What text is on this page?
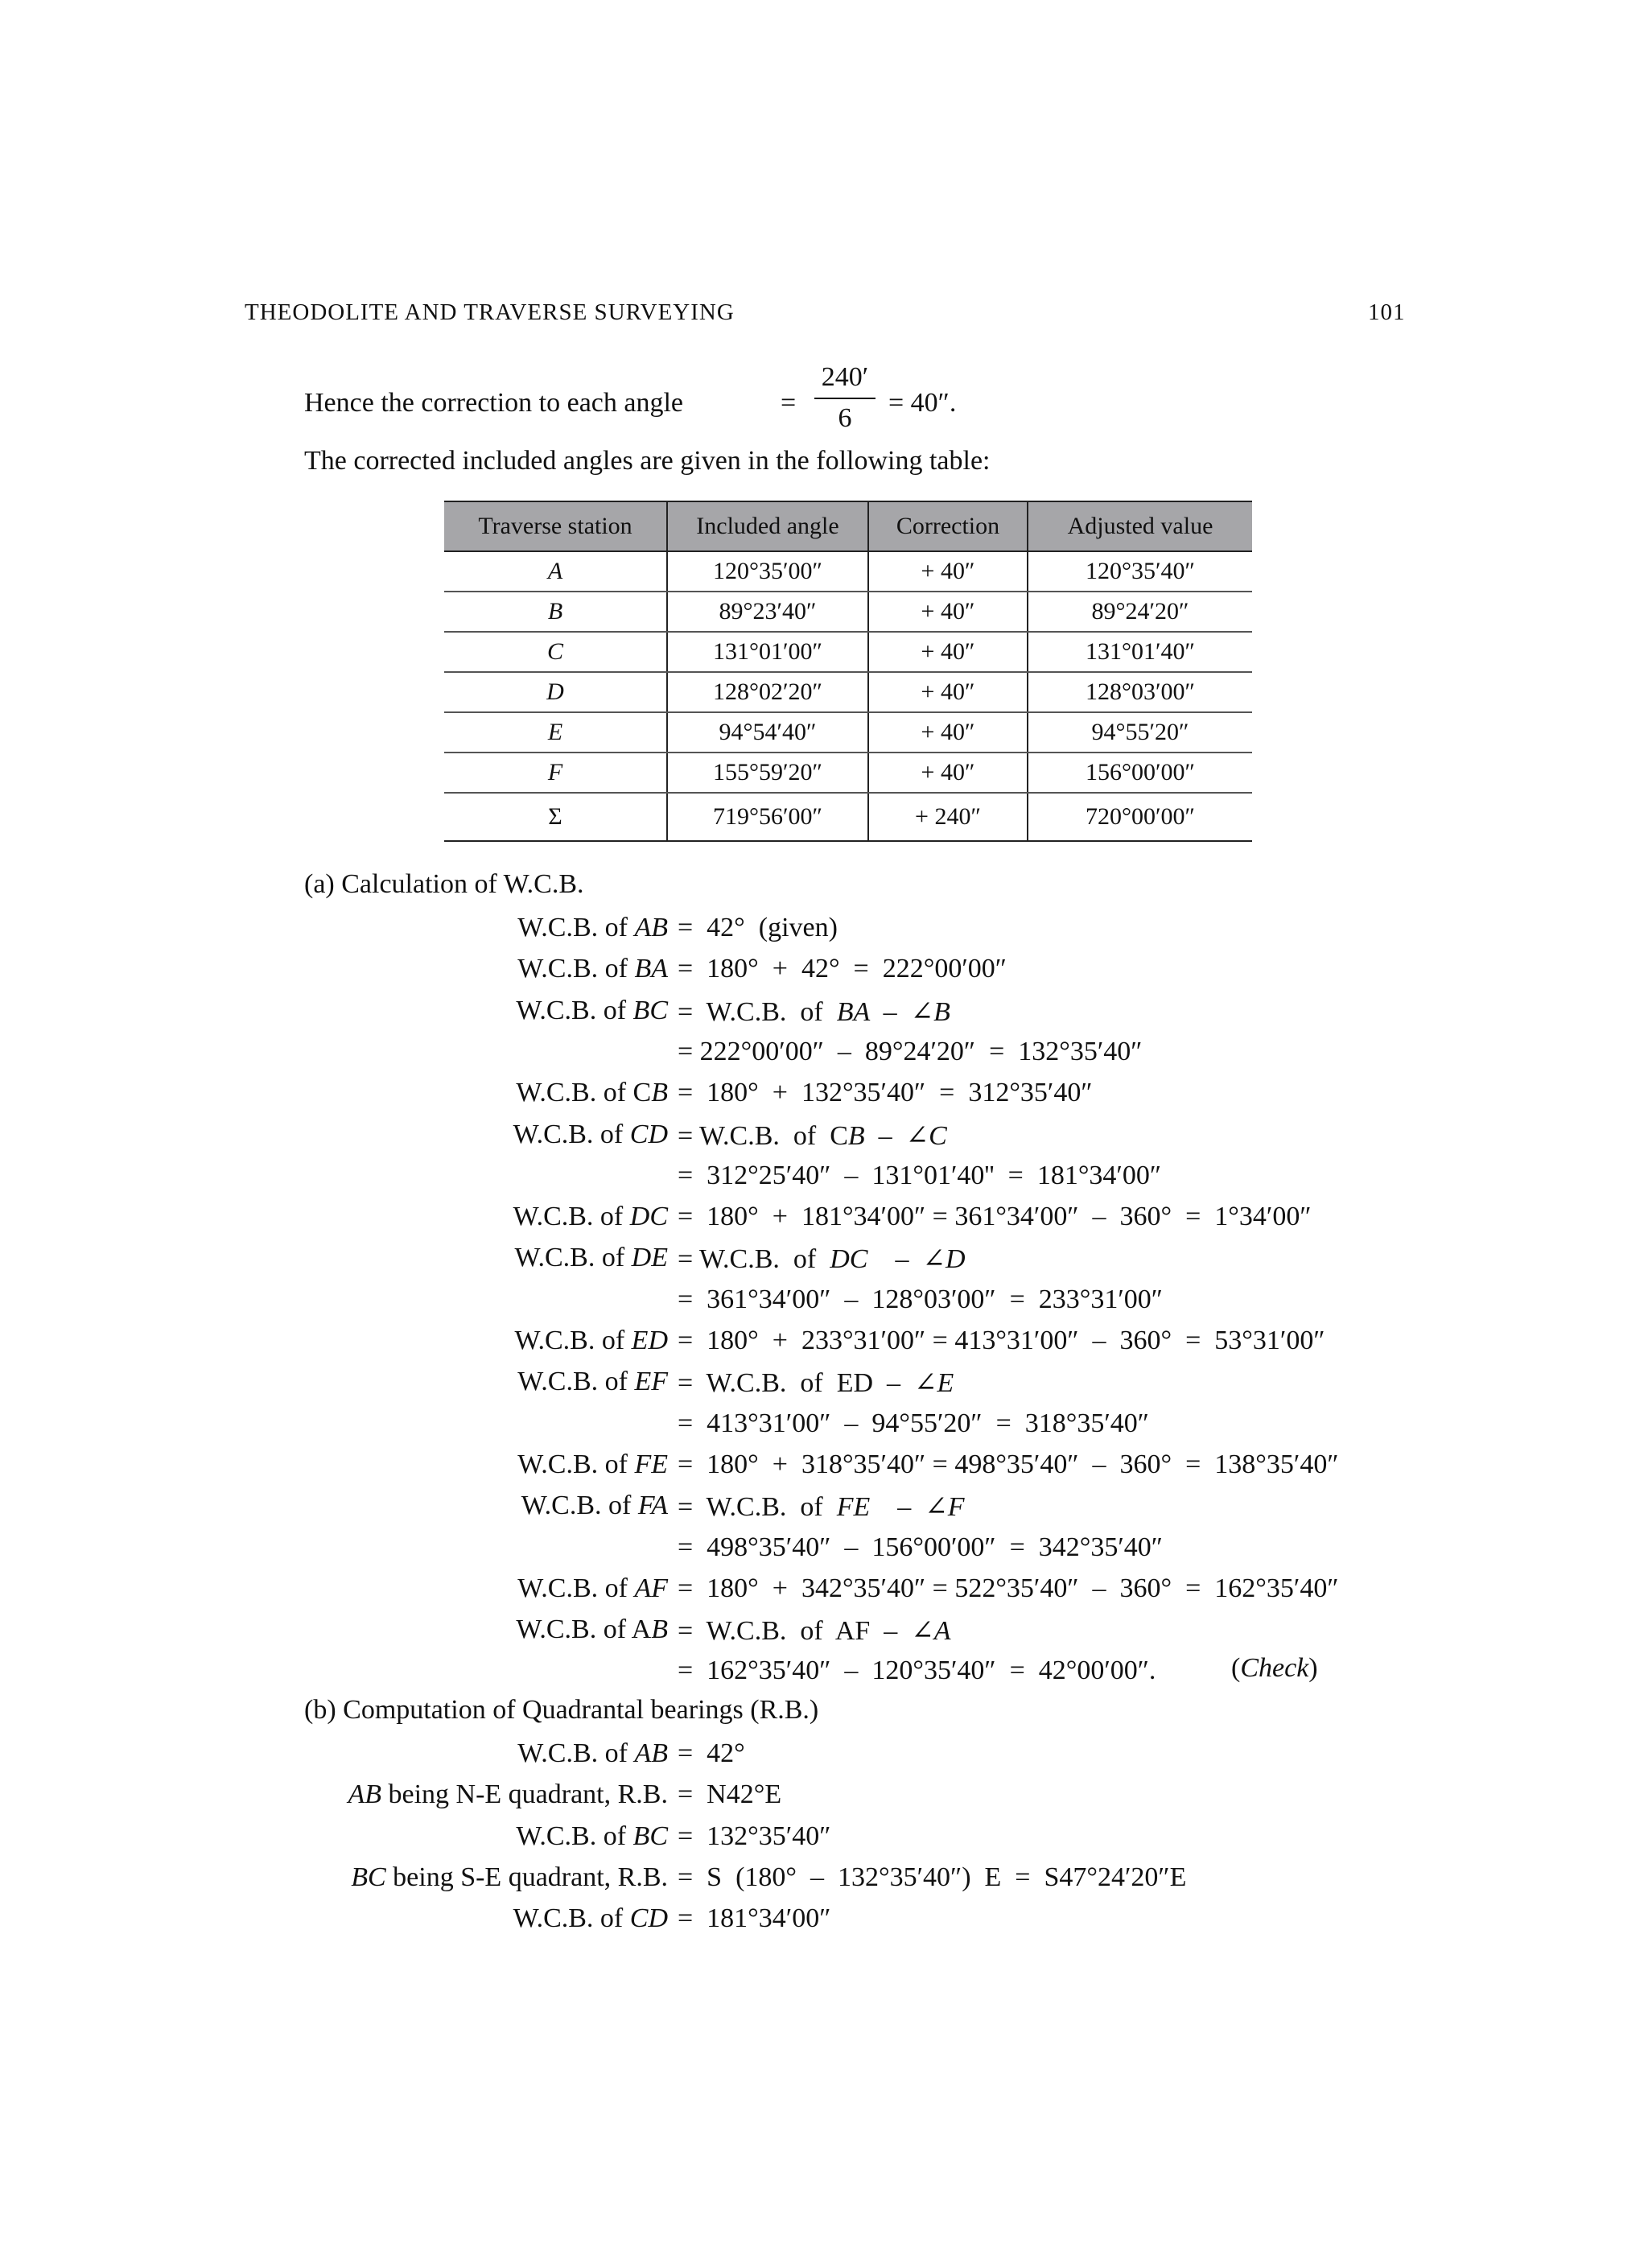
THEODOLITE AND TRAVERSE SURVEYING	101
Hence the correction to each angle	=
240′
6
= 40″.
The corrected included angles are given in the following table:
Traverse station	Included angle	Correction	Adjusted value
A	120°35′00″	+ 40″	120°35′40″
B	89°23′40″	+ 40″	89°24′20″
C	131°01′00″	+ 40″	131°01′40″
D	128°02′20″	+ 40″	128°03′00″
E	94°54′40″	+ 40″	94°55′20″
F	155°59′20″	+ 40″	156°00′00″
Σ	719°56′00″	+ 240″	720°00′00″
(a) Calculation of W.C.B.
W.C.B. of AB =  42°  (given)
W.C.B. of BA =  180°  +  42°  =  222°00′00″
W.C.B. of BC =  W.C.B.  of  BA  –  ∠B
= 222°00′00″  –  89°24′20″  =  132°35′40″
W.C.B. of CB =  180°  +  132°35′40″  =  312°35′40″
W.C.B. of CD = W.C.B.  of  CB  –  ∠C
=  312°25′40″  –  131°01′40''  =  181°34′00″
W.C.B. of DC =  180°  +  181°34′00″ = 361°34′00″  –  360°  =  1°34′00″
W.C.B. of DE = W.C.B.  of  DC    –  ∠D
=  361°34′00″  –  128°03′00″  =  233°31′00″
W.C.B. of ED =  180°  +  233°31′00″ = 413°31′00″  –  360°  =  53°31′00″
W.C.B. of EF =  W.C.B.  of  ED  –  ∠E
=  413°31′00″  –  94°55′20″  =  318°35′40″
W.C.B. of FE =  180°  +  318°35′40″ = 498°35′40″  –  360°  =  138°35′40″
W.C.B. of FA =  W.C.B.  of  FE    –  ∠F
=  498°35′40″  –  156°00′00″  =  342°35′40″
W.C.B. of AF =  180°  +  342°35′40″ = 522°35′40″  –  360°  =  162°35′40″
W.C.B. of AB =  W.C.B.  of  AF  –  ∠A
=  162°35′40″  –  120°35′40″  =  42°00′00″.	(Check)
(b) Computation of Quadrantal bearings (R.B.)
W.C.B. of AB =  42°
AB being N-E quadrant, R.B. =  N42°E
W.C.B. of BC =  132°35′40″
BC being S-E quadrant, R.B. =  S  (180°  –  132°35′40″)  E  =  S47°24′20″E
W.C.B. of CD =  181°34′00″
